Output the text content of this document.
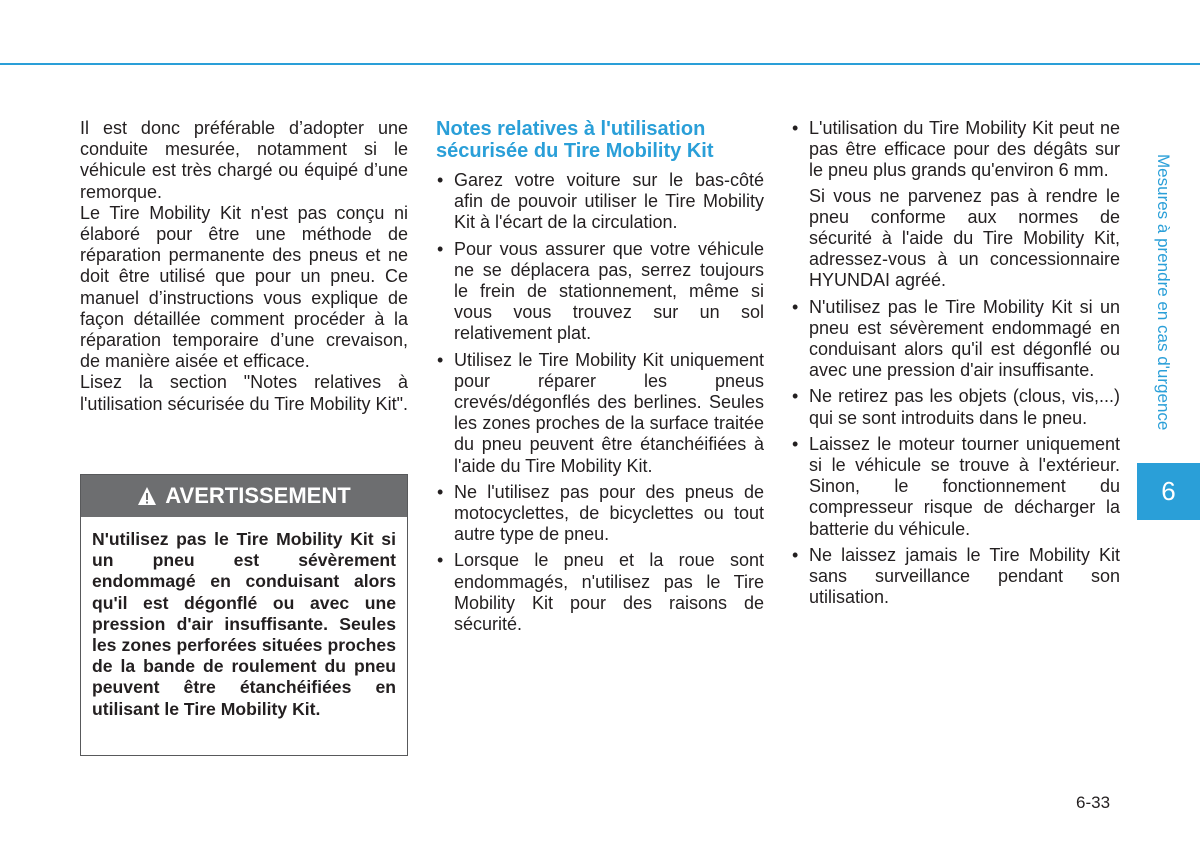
Il est donc préférable d’adopter une conduite mesurée, notamment si le véhicule est très chargé ou équipé d’une remorque.

Le Tire Mobility Kit n'est pas conçu ni élaboré pour être une méthode de réparation permanente des pneus et ne doit être utilisé que pour un pneu. Ce manuel d’instructions vous explique de façon détaillée comment procéder à la réparation temporaire d’une crevaison, de manière aisée et efficace.

Lisez la section "Notes relatives à l'utilisation sécurisée du Tire Mobility Kit".

AVERTISSEMENT
N'utilisez pas le Tire Mobility Kit si un pneu est sévèrement endommagé en conduisant alors qu'il est dégonflé ou avec une pression d'air insuffisante. Seules les zones perforées situées proches de la bande de roulement du pneu peuvent être étanchéifiées en utilisant le Tire Mobility Kit.
Notes relatives à l'utilisation sécurisée du Tire Mobility Kit
• Garez votre voiture sur le bas-côté afin de pouvoir utiliser le Tire Mobility Kit à l'écart de la circulation.
• Pour vous assurer que votre véhicule ne se déplacera pas, serrez toujours le frein de stationnement, même si vous vous trouvez sur un sol relativement plat.
• Utilisez le Tire Mobility Kit uniquement pour réparer les pneus crevés/dégonflés des berlines. Seules les zones proches de la surface traitée du pneu peuvent être étanchéifiées à l'aide du Tire Mobility Kit.
• Ne l'utilisez pas pour des pneus de motocyclettes, de bicyclettes ou tout autre type de pneu.
• Lorsque le pneu et la roue sont endommagés, n'utilisez pas le Tire Mobility Kit pour des raisons de sécurité.
• L'utilisation du Tire Mobility Kit peut ne pas être efficace pour des dégâts sur le pneu plus grands qu'environ 6 mm.

Si vous ne parvenez pas à rendre le pneu conforme aux normes de sécurité à l'aide du Tire Mobility Kit, adressez-vous à un concessionnaire HYUNDAI agréé.

• N'utilisez pas le Tire Mobility Kit si un pneu est sévèrement endommagé en conduisant alors qu'il est dégonflé ou avec une pression d'air insuffisante.
• Ne retirez pas les objets (clous, vis,...) qui se sont introduits dans le pneu.
• Laissez le moteur tourner uniquement si le véhicule se trouve à l'extérieur. Sinon, le fonctionnement du compresseur risque de décharger la batterie du véhicule.
• Ne laissez jamais le Tire Mobility Kit sans surveillance pendant son utilisation.
Mesures à prendre en cas d'urgence
6
6-33
